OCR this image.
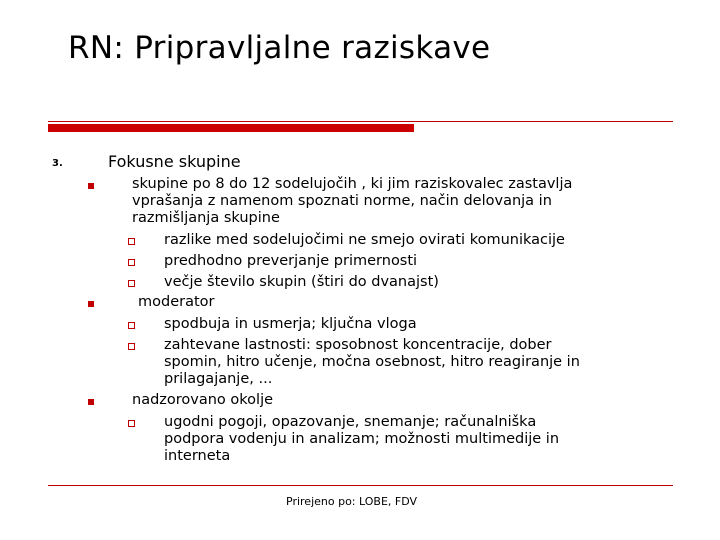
RN: Pripravljalne raziskave
3.	Fokusne skupine
skupine po 8 do 12 sodelujočih , ki jim raziskovalec zastavlja
vprašanja z namenom spoznati norme, način delovanja in
razmišljanja skupine
razlike med sodelujočimi ne smejo ovirati komunikacije
predhodno preverjanje primernosti
večje število skupin (štiri do dvanajst)
moderator
spodbuja in usmerja; ključna vloga
zahtevane lastnosti: sposobnost koncentracije, dober
spomin, hitro učenje, močna osebnost, hitro reagiranje in
prilagajanje, ...
nadzorovano okolje
ugodni pogoji, opazovanje, snemanje; računalniška
podpora vodenju in analizam; možnosti multimedije in
interneta
Prirejeno po: LOBE, FDV
